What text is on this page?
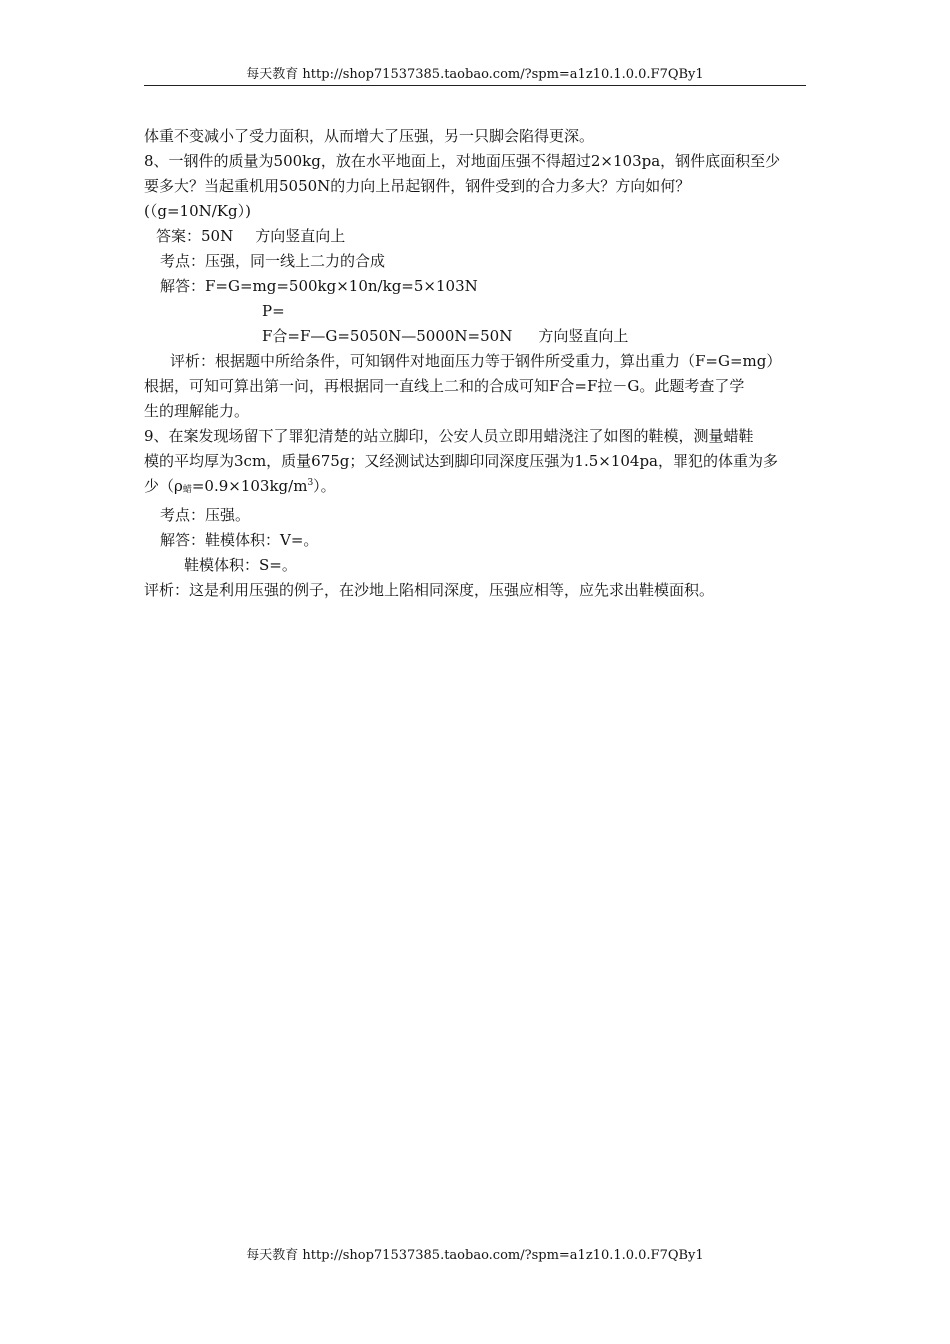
每天教育 http://shop71537385.taobao.com/?spm=a1z10.1.0.0.F7QBy1

体重不变减小了受力面积，从而增大了压强，另一只脚会陷得更深。

8、一钢件的质量为500kg，放在水平地面上，对地面压强不得超过2×103pa，钢件底面积至少

要多大？当起重机用5050N的力向上吊起钢件，钢件受到的合力多大？方向如何？

(（g=10N/Kg）)

答案：50N 方向竖直向上

考点：压强，同一线上二力的合成

解答：F=G=mg=500kg×10n/kg=5×103N

P=

F合=F—G=5050N—5000N=50N 方向竖直向上

评析：根据题中所给条件，可知钢件对地面压力等于钢件所受重力，算出重力（F=G=mg）

根据，可知可算出第一问，再根据同一直线上二和的合成可知F合=F拉－G。此题考查了学

生的理解能力。

9、在案发现场留下了罪犯清楚的站立脚印，公安人员立即用蜡浇注了如图的鞋模，测量蜡鞋

模的平均厚为3cm，质量675g；又经测试达到脚印同深度压强为1.5×104pa，罪犯的体重为多

少（ρ蜡$=0.9\times 103kg/m^3$）。

考点：压强。

解答：鞋模体积：V=。

鞋模体积：S=。

评析：这是利用压强的例子，在沙地上陷相同深度，压强应相等，应先求出鞋模面积。

每天教育 http://shop71537385.taobao.com/?spm=a1z10.1.0.0.F7QBy1
